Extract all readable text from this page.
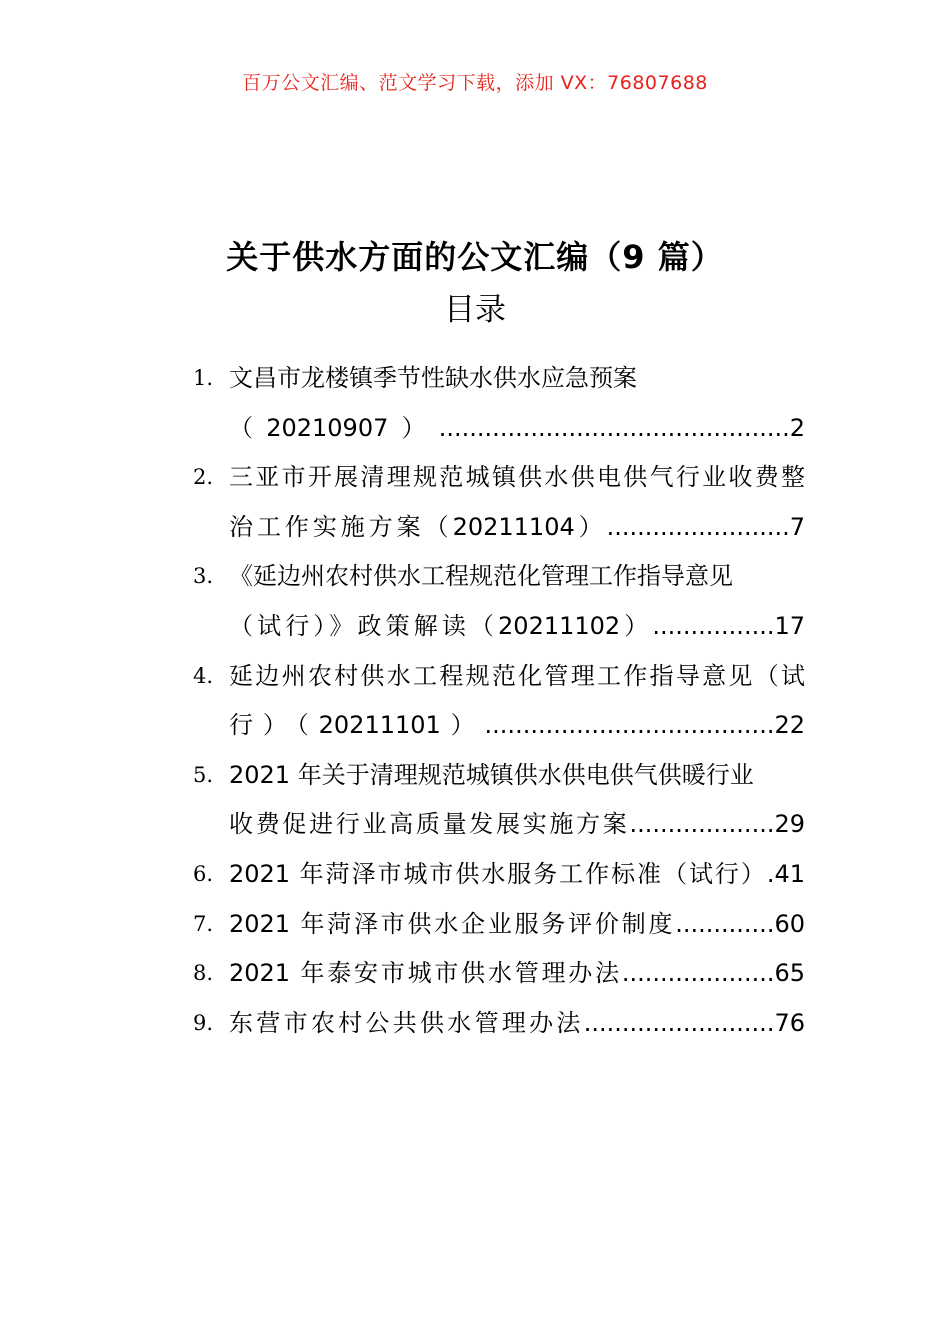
百万公文汇编、范文学习下载，添加 VX：76807688
关于供水方面的公文汇编（9 篇）
目录
1. 文昌市龙楼镇季节性缺水供水应急预案
（20210907）..............................................2
2. 三亚市开展清理规范城镇供水供电供气行业收费整
治工作实施方案（20211104）........................7
3. 《延边州农村供水工程规范化管理工作指导意见
（试行）》政策解读（20211102）................17
4. 延边州农村供水工程规范化管理工作指导意见（试
行）（20211101）......................................22
5. 2021 年关于清理规范城镇供水供电供气供暖行业
收费促进行业高质量发展实施方案...................29
6. 2021 年菏泽市城市供水服务工作标准（试行）.41
7. 2021 年菏泽市供水企业服务评价制度.............60
8. 2021 年泰安市城市供水管理办法....................65
9. 东营市农村公共供水管理办法.........................76
